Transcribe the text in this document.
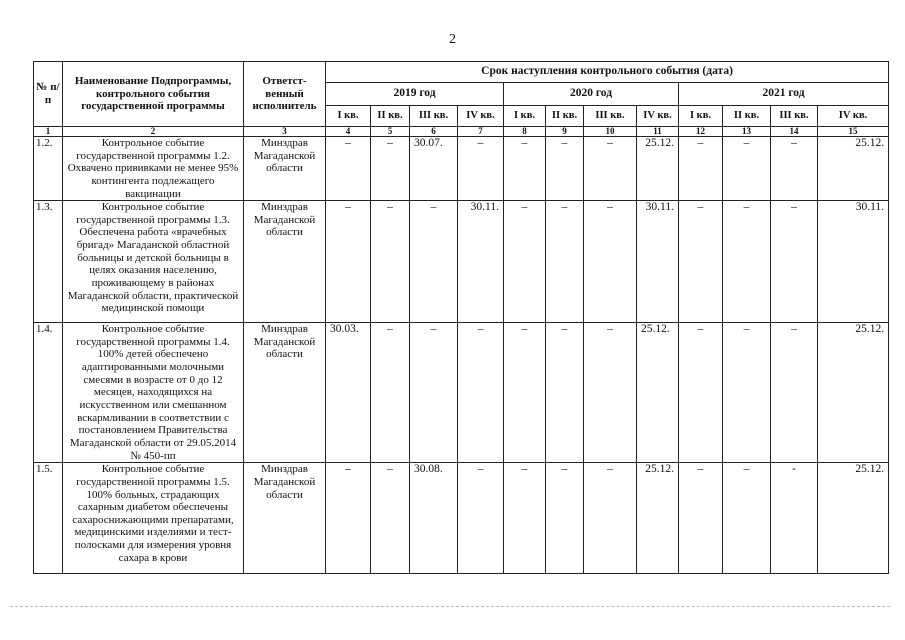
2
№ п/п	Наименование Подпрограммы, контрольного события государственной программы	Ответст-венный исполнитель	Срок наступления контрольного события (дата)											
			2019 год				2020 год				2021 год			
			I кв.	II кв.	III кв.	IV кв.	I кв.	II кв.	III кв.	IV кв.	I кв.	II кв.	III кв.	IV кв.
1	2	3	4	5	6	7	8	9	10	11	12	13	14	15
1.2.	Контрольное событие государственной программы 1.2. Охвачено прививками не менее 95% контингента подлежащего вакцинации	Минздрав Магаданской области	–	–	30.07.	–	–	–	–	25.12.	–	–	–	25.12.
1.3.	Контрольное событие государственной программы 1.3. Обеспечена работа «врачебных бригад» Магаданской областной больницы и детской больницы в целях оказания населению, проживающему в районах Магаданской области, практической медицинской помощи	Минздрав Магаданской области	–	–	–	30.11.	–	–	–	30.11.	–	–	–	30.11.
1.4.	Контрольное событие государственной программы 1.4. 100% детей обеспечено адаптированными молочными смесями в возрасте от 0 до 12 месяцев, находящихся на искусственном или смешанном вскармливании в соответствии с постановлением Правительства Магаданской области от 29.05.2014 № 450-пп	Минздрав Магаданской области	30.03.	–	–	–	–	–	–	25.12.	–	–	–	25.12.
1.5.	Контрольное событие государственной программы 1.5. 100% больных, страдающих сахарным диабетом обеспечены сахароснижающими препаратами, медицинскими изделиями и тест-полосками для измерения уровня сахара в крови	Минздрав Магаданской области	–	–	30.08.	–	–	–	–	25.12.	–	–	-	25.12.
